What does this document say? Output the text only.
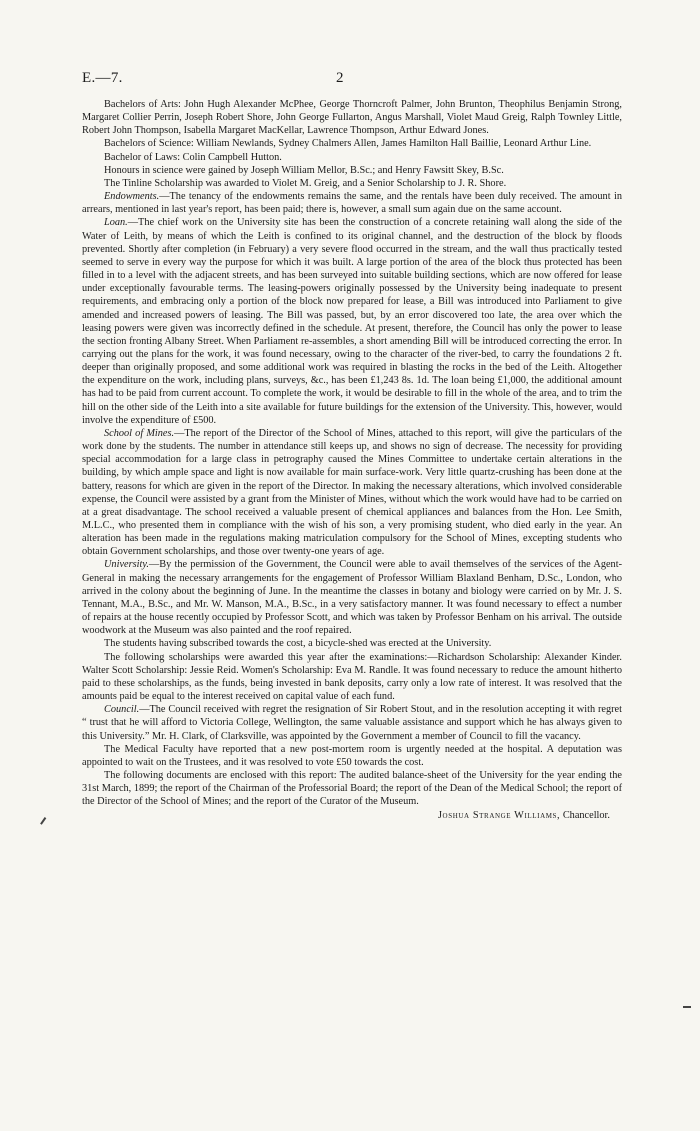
E.—7.	2

Bachelors of Arts: John Hugh Alexander McPhee, George Thorncroft Palmer, John Brunton, Theophilus Benjamin Strong, Margaret Collier Perrin, Joseph Robert Shore, John George Fullarton, Angus Marshall, Violet Maud Greig, Ralph Townley Little, Robert John Thompson, Isabella Margaret MacKellar, Lawrence Thompson, Arthur Edward Jones.

Bachelors of Science: William Newlands, Sydney Chalmers Allen, James Hamilton Hall Baillie, Leonard Arthur Line.

Bachelor of Laws: Colin Campbell Hutton.

Honours in science were gained by Joseph William Mellor, B.Sc.; and Henry Fawsitt Skey, B.Sc.

The Tinline Scholarship was awarded to Violet M. Greig, and a Senior Scholarship to J. R. Shore.

Endowments.—The tenancy of the endowments remains the same, and the rentals have been duly received. The amount in arrears, mentioned in last year's report, has been paid; there is, however, a small sum again due on the same account.

Loan.—The chief work on the University site has been the construction of a concrete retaining wall along the side of the Water of Leith, by means of which the Leith is confined to its original channel, and the destruction of the block by floods prevented. Shortly after completion (in February) a very severe flood occurred in the stream, and the wall thus practically tested seemed to serve in every way the purpose for which it was built. A large portion of the area of the block thus protected has been filled in to a level with the adjacent streets, and has been surveyed into suitable building sections, which are now offered for lease under exceptionally favourable terms. The leasing-powers originally possessed by the University being inadequate to present requirements, and embracing only a portion of the block now prepared for lease, a Bill was introduced into Parliament to give amended and increased powers of leasing. The Bill was passed, but, by an error discovered too late, the area over which the leasing powers were given was incorrectly defined in the schedule. At present, therefore, the Council has only the power to lease the section fronting Albany Street. When Parliament re-assembles, a short amending Bill will be introduced correcting the error. In carrying out the plans for the work, it was found necessary, owing to the character of the river-bed, to carry the foundations 2 ft. deeper than originally proposed, and some additional work was required in blasting the rocks in the bed of the Leith. Altogether the expenditure on the work, including plans, surveys, &c., has been £1,243 8s. 1d. The loan being £1,000, the additional amount has had to be paid from current account. To complete the work, it would be desirable to fill in the whole of the area, and to trim the hill on the other side of the Leith into a site available for future buildings for the extension of the University. This, however, would involve the expenditure of £500.

School of Mines.—The report of the Director of the School of Mines, attached to this report, will give the particulars of the work done by the students. The number in attendance still keeps up, and shows no sign of decrease. The necessity for providing special accommodation for a large class in petrography caused the Mines Committee to undertake certain alterations in the building, by which ample space and light is now available for main surface-work. Very little quartz-crushing has been done at the battery, reasons for which are given in the report of the Director. In making the necessary alterations, which involved considerable expense, the Council were assisted by a grant from the Minister of Mines, without which the work would have had to be carried on at a great disadvantage. The school received a valuable present of chemical appliances and balances from the Hon. Lee Smith, M.L.C., who presented them in compliance with the wish of his son, a very promising student, who died early in the year. An alteration has been made in the regulations making matriculation compulsory for the School of Mines, excepting students who obtain Government scholarships, and those over twenty-one years of age.

University.—By the permission of the Government, the Council were able to avail themselves of the services of the Agent-General in making the necessary arrangements for the engagement of Professor William Blaxland Benham, D.Sc., London, who arrived in the colony about the beginning of June. In the meantime the classes in botany and biology were carried on by Mr. J. S. Tennant, M.A., B.Sc., and Mr. W. Manson, M.A., B.Sc., in a very satisfactory manner. It was found necessary to effect a number of repairs at the house recently occupied by Professor Scott, and which was taken by Professor Benham on his arrival. The outside woodwork at the Museum was also painted and the roof repaired.

The students having subscribed towards the cost, a bicycle-shed was erected at the University.

The following scholarships were awarded this year after the examinations:—Richardson Scholarship: Alexander Kinder. Walter Scott Scholarship: Jessie Reid. Women's Scholarship: Eva M. Randle. It was found necessary to reduce the amount hitherto paid to these scholarships, as the funds, being invested in bank deposits, carry only a low rate of interest. It was resolved that the amounts paid be equal to the interest received on capital value of each fund.

Council.—The Council received with regret the resignation of Sir Robert Stout, and in the resolution accepting it with regret “ trust that he will afford to Victoria College, Wellington, the same valuable assistance and support which he has always given to this University.” Mr. H. Clark, of Clarksville, was appointed by the Government a member of Council to fill the vacancy.

The Medical Faculty have reported that a new post-mortem room is urgently needed at the hospital. A deputation was appointed to wait on the Trustees, and it was resolved to vote £50 towards the cost.

The following documents are enclosed with this report: The audited balance-sheet of the University for the year ending the 31st March, 1899; the report of the Chairman of the Professorial Board; the report of the Dean of the Medical School; the report of the Director of the School of Mines; and the report of the Curator of the Museum.

Joshua Strange Williams, Chancellor.
